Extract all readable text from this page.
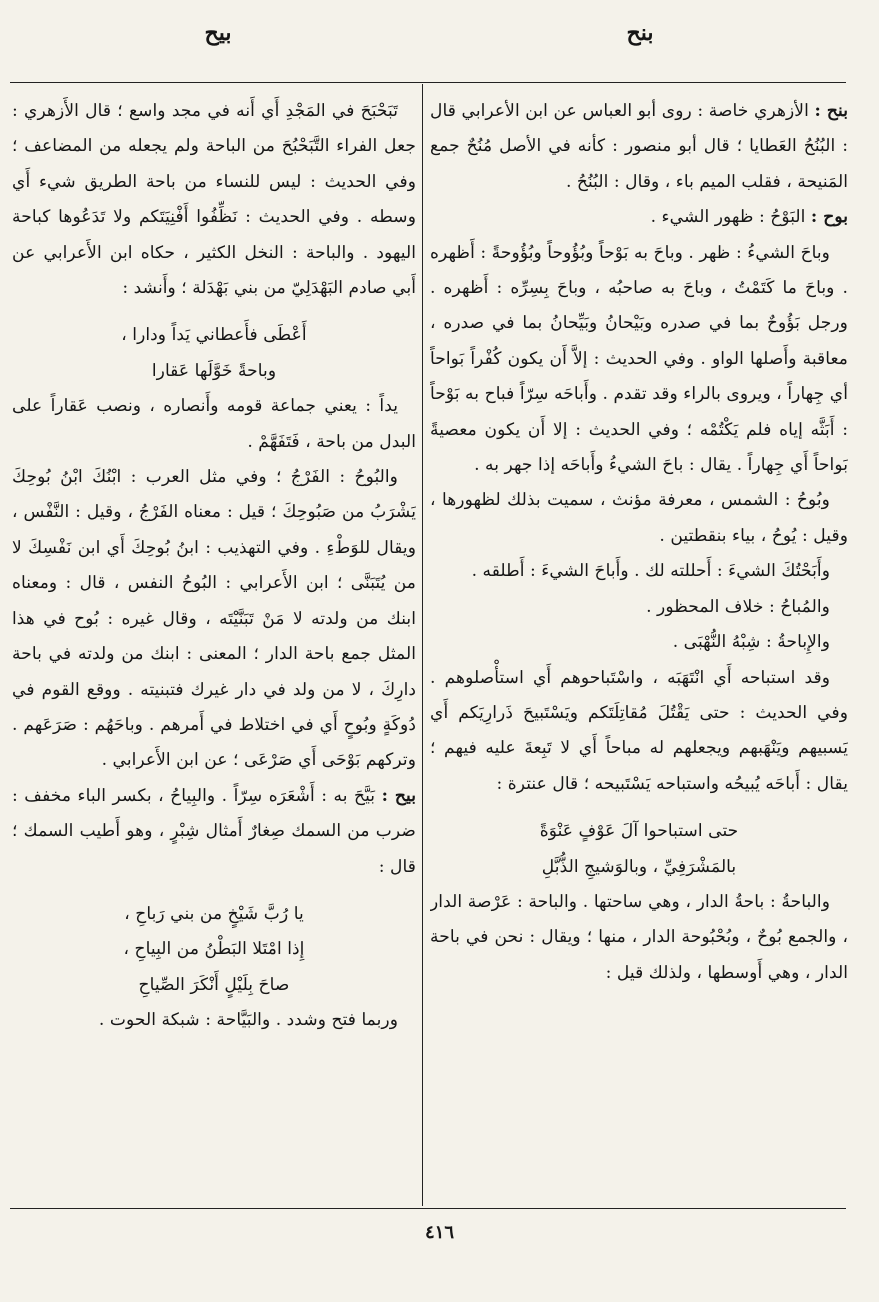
بنح
بيح

بنح : الأزهري خاصة : روى أبو العباس عن ابن الأعرابي قال : البُنُحُ العَطايا ؛ قال أبو منصور : كأنه في الأصل مُنُحٌ جمع المَنيحة ، فقلب الميم باء ، وقال : البُنُحُ .

بوح : البَوْحُ : ظهور الشيء .

وباحَ الشيءُ : ظهر . وباحَ به بَوْحاً وبُؤُوحاً وبُؤُوحةً : أَظهره . وباحَ ما كَتَمْتُ ، وباحَ به صاحبُه ، وباحَ بِسِرِّه : أَظهره . ورجل بَؤُوحٌ بما في صدره وبَيْحانُ وبَيِّحانُ بما في صدره ، معاقبة وأَصلها الواو . وفي الحديث : إلاَّ أَن يكون كُفْراً بَواحاً أي جِهاراً ، ويروى بالراء وقد تقدم . وأَباحَه سِرّاً فباح به بَوْحاً : أَبَثَّه إياه فلم يَكْتُمْه ؛ وفي الحديث : إلا أَن يكون معصيةً بَواحاً أَي جِهاراً . يقال : باحَ الشيءُ وأَباحَه إذا جهر به .

وبُوحُ : الشمس ، معرفة مؤنث ، سميت بذلك لظهورها ، وقيل : يُوحُ ، بياء بنقطتين .

وأَبَحْتُكَ الشيءَ : أَحللته لك . وأَباحَ الشيءَ : أَطلقه .

والمُباحُ : خلاف المحظور .

والإِباحةُ : شِبْهُ النُّهْبَى .

وقد استباحه أَي انْتَهَبَه ، واسْتَباحوهم أَي استأْصلوهم . وفي الحديث : حتى يَقْتُلَ مُقاتِلَتَكم ويَسْتَبيحَ ذَرارِيَكم أَي يَسبيهم ويَنْهَبهم ويجعلهم له مباحاً أَي لا تَبِعةَ عليه فيهم ؛ يقال : أَباحَه يُبيحُه واستباحه يَسْتَبيحه ؛ قال عنترة :

حتى استباحوا آلَ عَوْفٍ عَنْوَةً

بالمَشْرَفِيِّ ، وبالوَشيجِ الذُّبَّلِ

والباحةُ : باحةُ الدار ، وهي ساحتها . والباحة : عَرْصة الدار ، والجمع بُوحٌ ، وبُحْبُوحة الدار ، منها ؛ ويقال : نحن في باحة الدار ، وهي أَوسطها ، ولذلك قيل :

تَبَحْبَحَ في المَجْدِ أَي أَنه في مجد واسع ؛ قال الأَزهري : جعل الفراء التَّبَحْبُحَ من الباحة ولم يجعله من المضاعف ؛ وفي الحديث : ليس للنساء من باحة الطريق شيء أَي وسطه . وفي الحديث : نَظِّفُوا أَفْنِيَتَكم ولا تَدَعُوها كباحة اليهود . والباحة : النخل الكثير ، حكاه ابن الأَعرابي عن أَبي صادم البَهْدَلِيّ من بني بَهْدَلة ؛ وأَنشد :

أَعْطَى فأَعطاني يَداً ودارا ،

وباحةً خَوَّلَها عَقارا

يداً : يعني جماعة قومه وأَنصاره ، ونصب عَقاراً على البدل من باحة ، فَتَفَهَّمْ .

والبُوحُ : الفَرْجُ ؛ وفي مثل العرب : ابْنُكَ ابْنُ بُوحِكَ يَشْرَبُ من صَبُوحِكَ ؛ قيل : معناه الفَرْجُ ، وقيل : النَّفْس ، ويقال للوَطْءِ . وفي التهذيب : ابنُ بُوحِكَ أَي ابن نَفْسِكَ لا من يُتَبَنَّى ؛ ابن الأَعرابي : البُوحُ النفس ، قال : ومعناه ابنك من ولدته لا مَنْ تَبَنَّيْتَه ، وقال غيره : بُوح في هذا المثل جمع باحة الدار ؛ المعنى : ابنك من ولدته في باحة دارِكَ ، لا من ولد في دار غيرك فتبنيته . ووقع القوم في دُوكَةٍ وبُوحٍ أَي في اختلاط في أَمرهم . وباحَهُم : صَرَعَهم . وتركهم بَوْحَى أَي صَرْعَى ؛ عن ابن الأَعرابي .

بيح : بَيَّحَ به : أَشْعَرَه سِرّاً . والبِياحُ ، بكسر الباء مخفف : ضرب من السمك صِغارٌ أَمثال شِبْرٍ ، وهو أَطيب السمك ؛ قال :

يا رُبَّ شَيْخٍ من بني رَباحِ ،

إِذا امْتَلا البَطْنُ من البِياحِ ،

صاحَ بِلَيْلٍ أَنْكَرَ الصِّياحِ

وربما فتح وشدد . والبَيَّاحة : شبكة الحوت .

٤١٦
